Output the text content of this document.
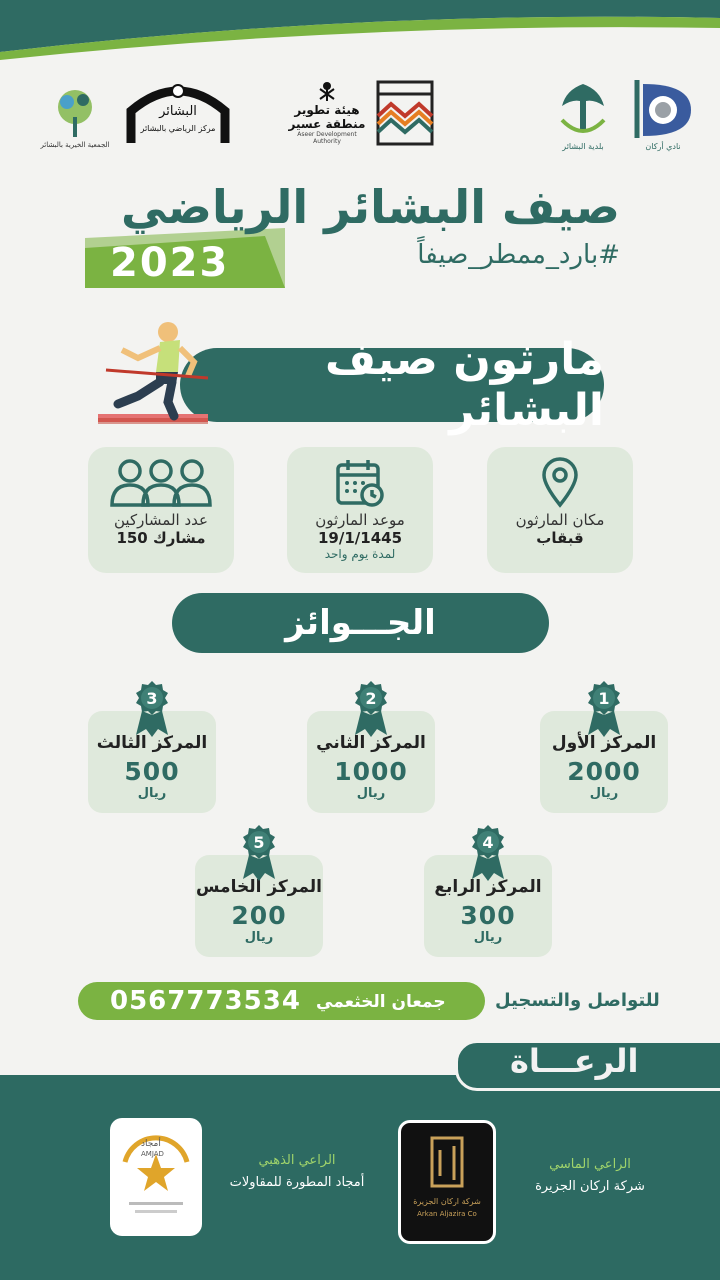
الجمعية الخيرية بالبشائر
البشائر
مركز الرياضي بالبشائر
هيئة تطوير
منطقة عسير
Aseer Development Authority	بلدية البشائر	نادي أركان
صيف البشائر الرياضي
#بارد_ممطر_صيفاً
2023
مارثون صيف البشائر
عدد المشاركين
150 مشارك
موعد المارثون
19/1/1445
لمدة يوم واحد
مكان المارثون
قبقاب
الجـــوائز
المركز الأول
2000
ريال
1
المركز الثاني
1000
ريال
2
المركز الثالث
500
ريال
3
المركز الرابع
300
ريال
4
المركز الخامس
200
ريال
5
0567773534 جمعان الخثعمي	للتواصل والتسجيل
الرعـــاة
شركة اركان الجزيرة
Arkan Aljazira Co
أمجاد
AMJAD
الراعي الماسي
شركة اركان الجزيرة
الراعي الذهبي
أمجاد المطورة للمقاولات
